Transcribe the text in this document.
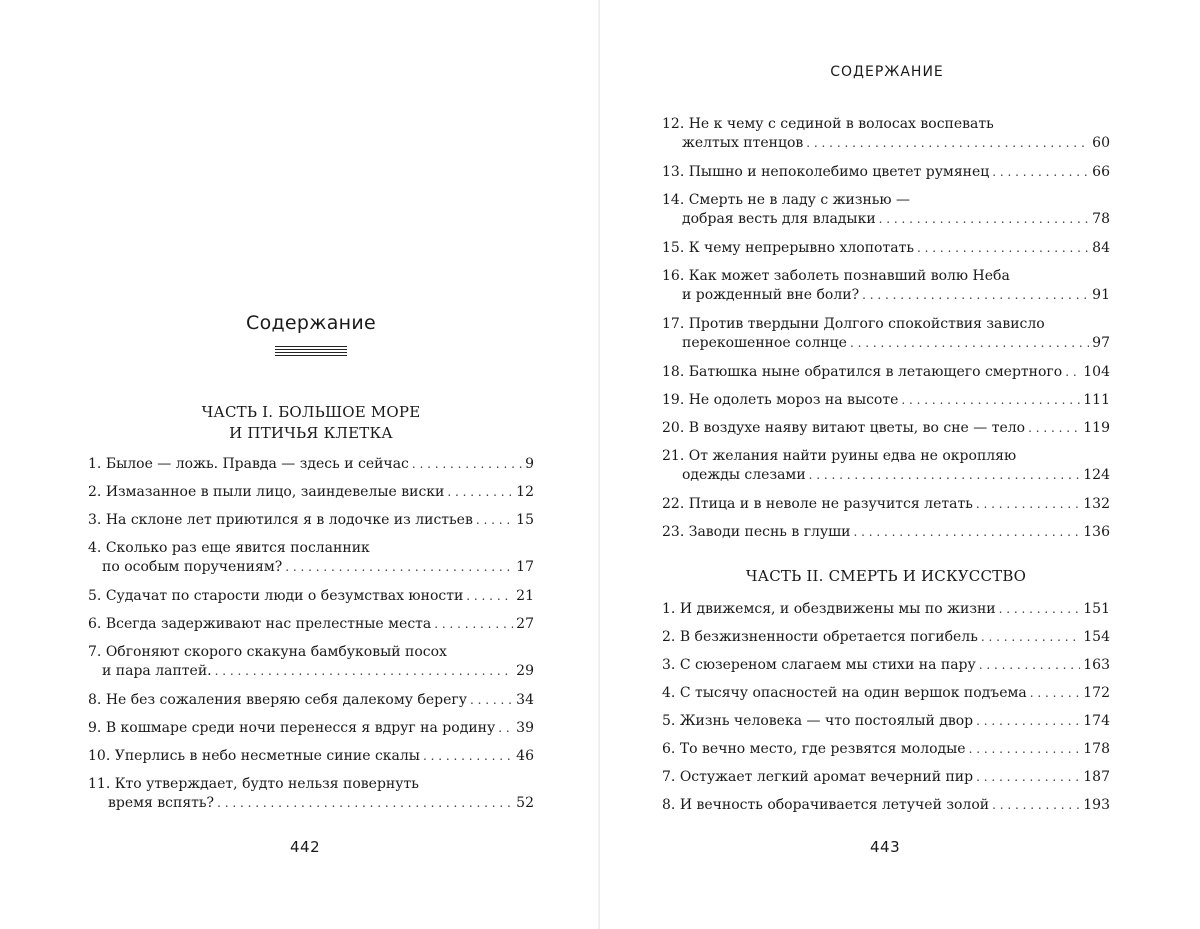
Содержание
ЧАСТЬ I. БОЛЬШОЕ МОРЕ
И ПТИЧЬЯ КЛЕТКА
1. Былое — ложь. Правда — здесь и сейчас . . .	9
2. Измазанное в пыли лицо, заиндевелые виски . . .	12
3. На склоне лет приютился я в лодочке из листьев . . .	15
4. Сколько раз еще явится посланник
по особым поручениям? . . .	17
5. Судачат по старости люди о безумствах юности . . .	21
6. Всегда задерживают нас прелестные места . . .	27
7. Обгоняют скорого скакуна бамбуковый посох
и пара лаптей. . . .	29
8. Не без сожаления вверяю себя далекому берегу . . .	34
9. В кошмаре среди ночи перенесся я вдруг на родину . . . 39
10. Уперлись в небо несметные синие скалы . . .	46
11. Кто утверждает, будто нельзя повернуть
время вспять? . . .	52
442
СОДЕРЖАНИЕ
12. Не к чему с сединой в волосах воспевать
желтых птенцов . . .	60
13. Пышно и непоколебимо цветет румянец . . .	66
14. Смерть не в ладу с жизнью —
добрая весть для владыки . . .	78
15. К чему непрерывно хлопотать . . .	84
16. Как может заболеть познавший волю Неба
и рожденный вне боли? . . .	91
17. Против твердыни Долгого спокойствия зависло
перекошенное солнце . . .	97
18. Батюшка ныне обратился в летающего смертного . . . 104
19. Не одолеть мороз на высоте . . .	111
20. В воздухе наяву витают цветы, во сне — тело . . .	119
21. От желания найти руины едва не окропляю
одежды слезами . . .	124
22. Птица и в неволе не разучится летать . . .	132
23. Заводи песнь в глуши . . .	136
ЧАСТЬ II. СМЕРТЬ И ИСКУССТВО
1. И движемся, и обездвижены мы по жизни . . .	151
2. В безжизненности обретается погибель . . .	154
3. С сюзереном слагаем мы стихи на пару . . .	163
4. С тысячу опасностей на один вершок подъема . . .	172
5. Жизнь человека — что постоялый двор . . .	174
6. То вечно место, где резвятся молодые . . .	178
7. Остужает легкий аромат вечерний пир . . .	187
8. И вечность оборачивается летучей золой . . .	193
443
